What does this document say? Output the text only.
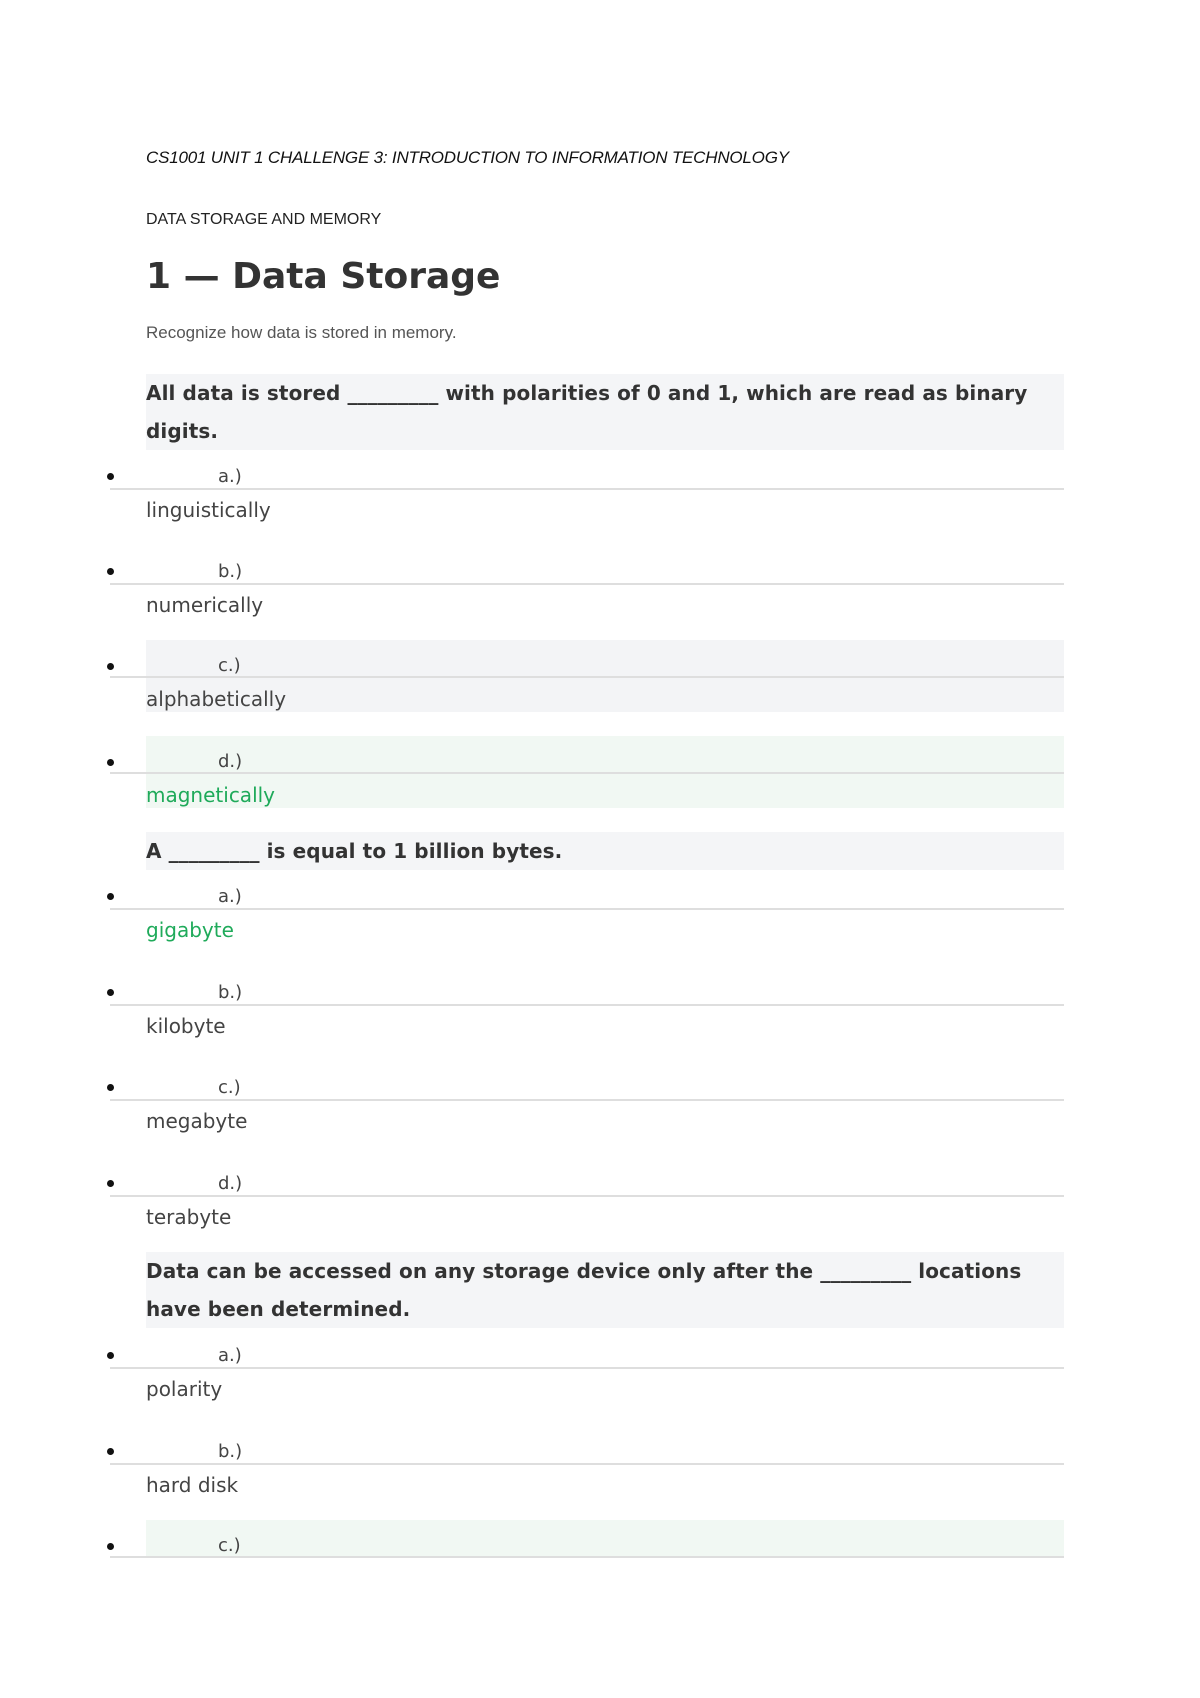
CS1001 UNIT 1 CHALLENGE 3: INTRODUCTION TO INFORMATION TECHNOLOGY
DATA STORAGE AND MEMORY
1 — Data Storage
Recognize how data is stored in memory.
All data is stored _________ with polarities of 0 and 1, which are read as binary digits.
a.)
linguistically
b.)
numerically
c.)
alphabetically
d.)
magnetically
A _________ is equal to 1 billion bytes.
a.)
gigabyte
b.)
kilobyte
c.)
megabyte
d.)
terabyte
Data can be accessed on any storage device only after the _________ locations have been determined.
a.)
polarity
b.)
hard disk
c.)
